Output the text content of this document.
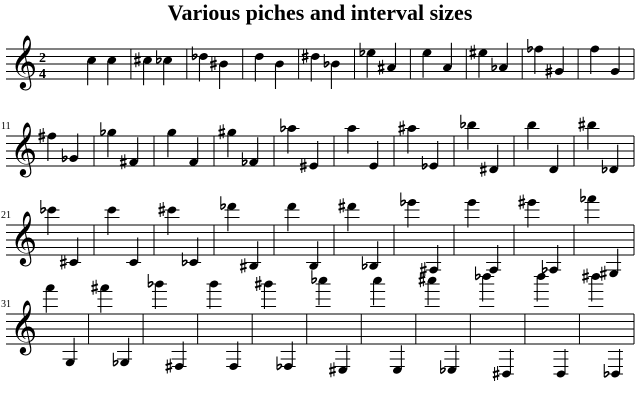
Various piches and interval sizes
𝄞 2
4
𝄞
11
𝄞
21
𝄞
31
